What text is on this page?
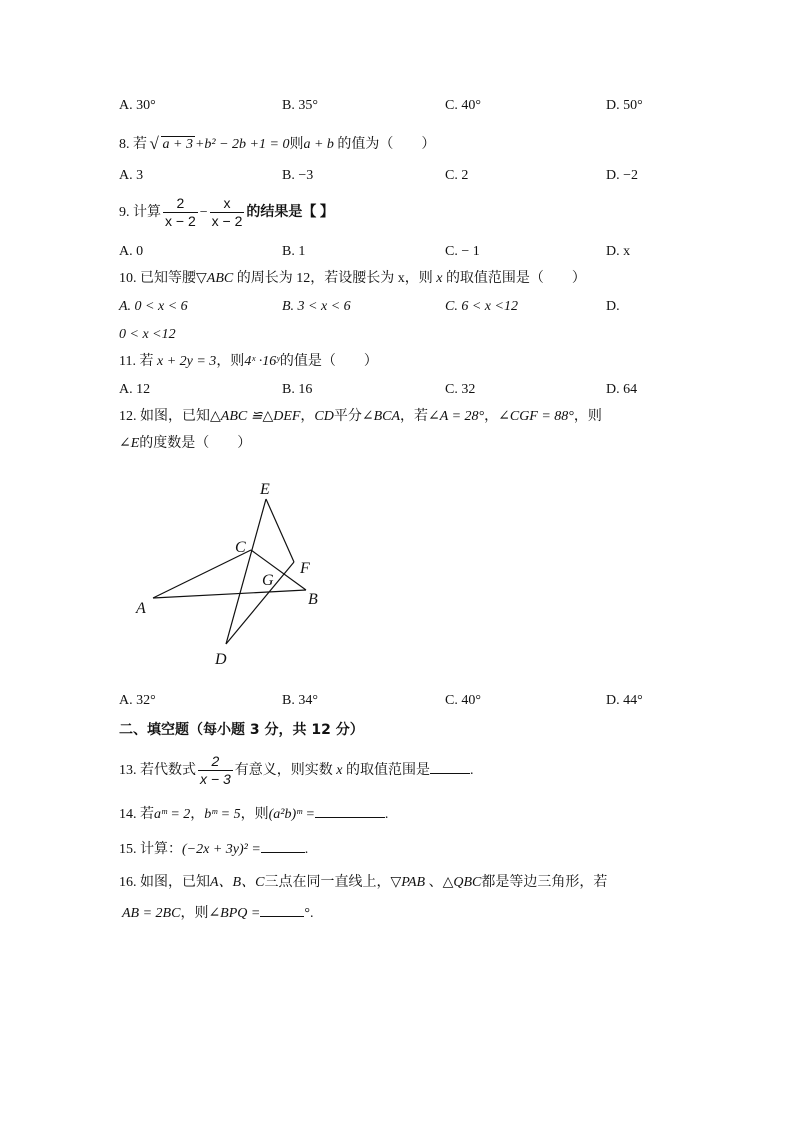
A. 30°	B. 35°	C. 40°	D. 50°
8. 若 √ a + 3 +b² − 2b +1 = 0则a + b 的值为（　　）
A. 3	B. −3	C. 2	D. −2
9. 计算 $\frac{2}{x - 2} - \frac{x}{x - 2}$ 的结果是【 】
A. 0	B. 1	C. − 1	D. x
10. 已知等腰▽ABC 的周长为 12，若设腰长为 x，则 x 的取值范围是（　　）
A. 0 < x < 6	B. 3 < x < 6	C. 6 < x <12	D.
0 < x <12
11. 若 x + 2y = 3，则4ˣ ·16ʸ的值是（　　）
A. 12	B. 16	C. 32	D. 64
12. 如图，已知△ABC ≌△DEF，CD平分∠BCA，若∠A = 28°，∠CGF = 88°，则
∠E的度数是（　　）
E
C
F
G
A
B
D
A. 32°	B. 34°	C. 40°	D. 44°
二、填空题（每小题 3 分，共 12 分）
13. 若代数式 $\frac{2}{x - 3}$ 有意义，则实数 x 的取值范围是	.
14. 若aᵐ = 2，bᵐ = 5，则(a²b)ᵐ =	.
15. 计算：(−2x + 3y)² =	.
16. 如图，已知A、B、C三点在同一直线上，▽PAB 、△QBC都是等边三角形，若
AB = 2BC，则∠BPQ =	°.
